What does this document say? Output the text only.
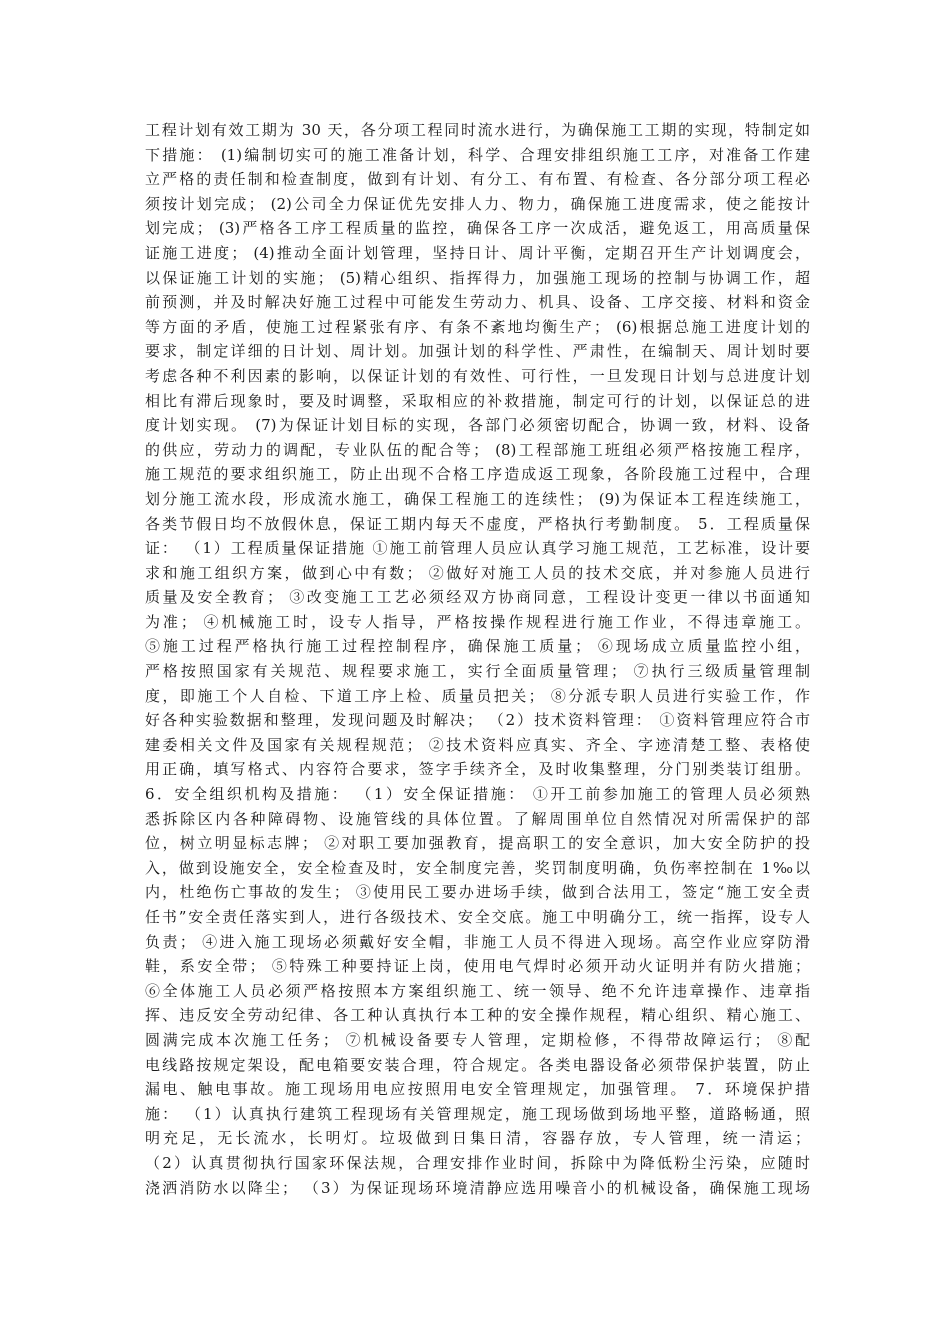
工程计划有效工期为 30 天，各分项工程同时流水进行，为确保施工工期的实现，特制定如
下措施： (1)编制切实可的施工准备计划，科学、合理安排组织施工工序，对准备工作建
立严格的责任制和检查制度，做到有计划、有分工、有布置、有检查、各分部分项工程必
须按计划完成； (2)公司全力保证优先安排人力、物力，确保施工进度需求，使之能按计
划完成； (3)严格各工序工程质量的监控，确保各工序一次成活，避免返工，用高质量保
证施工进度； (4)推动全面计划管理，坚持日计、周计平衡，定期召开生产计划调度会，
以保证施工计划的实施； (5)精心组织、指挥得力，加强施工现场的控制与协调工作，超
前预测，并及时解决好施工过程中可能发生劳动力、机具、设备、工序交接、材料和资金
等方面的矛盾，使施工过程紧张有序、有条不紊地均衡生产； (6)根据总施工进度计划的
要求，制定详细的日计划、周计划。加强计划的科学性、严肃性，在编制天、周计划时要
考虑各种不利因素的影响，以保证计划的有效性、可行性，一旦发现日计划与总进度计划
相比有滞后现象时，要及时调整，采取相应的补救措施，制定可行的计划，以保证总的进
度计划实现。 (7)为保证计划目标的实现，各部门必须密切配合，协调一致，材料、设备
的供应，劳动力的调配，专业队伍的配合等； (8)工程部施工班组必须严格按施工程序，
施工规范的要求组织施工，防止出现不合格工序造成返工现象，各阶段施工过程中，合理
划分施工流水段，形成流水施工，确保工程施工的连续性； (9)为保证本工程连续施工，
各类节假日均不放假休息，保证工期内每天不虚度，严格执行考勤制度。 5．工程质量保
证： （1）工程质量保证措施 ①施工前管理人员应认真学习施工规范，工艺标准，设计要
求和施工组织方案，做到心中有数； ②做好对施工人员的技术交底，并对参施人员进行
质量及安全教育； ③改变施工工艺必须经双方协商同意，工程设计变更一律以书面通知
为准； ④机械施工时，设专人指导，严格按操作规程进行施工作业，不得违章施工。
⑤施工过程严格执行施工过程控制程序，确保施工质量； ⑥现场成立质量监控小组，
严格按照国家有关规范、规程要求施工，实行全面质量管理； ⑦执行三级质量管理制
度，即施工个人自检、下道工序上检、质量员把关； ⑧分派专职人员进行实验工作，作
好各种实验数据和整理，发现问题及时解决； （2）技术资料管理： ①资料管理应符合市
建委相关文件及国家有关规程规范； ②技术资料应真实、齐全、字迹清楚工整、表格使
用正确，填写格式、内容符合要求，签字手续齐全，及时收集整理，分门别类装订组册。
6．安全组织机构及措施： （1）安全保证措施： ①开工前参加施工的管理人员必须熟
悉拆除区内各种障碍物、设施管线的具体位置。了解周围单位自然情况对所需保护的部
位，树立明显标志牌； ②对职工要加强教育，提高职工的安全意识，加大安全防护的投
入，做到设施安全，安全检查及时，安全制度完善，奖罚制度明确，负伤率控制在 1‰以
内，杜绝伤亡事故的发生； ③使用民工要办进场手续，做到合法用工，签定“施工安全责
任书”安全责任落实到人，进行各级技术、安全交底。施工中明确分工，统一指挥，设专人
负责； ④进入施工现场必须戴好安全帽，非施工人员不得进入现场。高空作业应穿防滑
鞋，系安全带； ⑤特殊工种要持证上岗，使用电气焊时必须开动火证明并有防火措施；
⑥全体施工人员必须严格按照本方案组织施工、统一领导、绝不允许违章操作、违章指
挥、违反安全劳动纪律、各工种认真执行本工种的安全操作规程，精心组织、精心施工、
圆满完成本次施工任务； ⑦机械设备要专人管理，定期检修，不得带故障运行； ⑧配
电线路按规定架设，配电箱要安装合理，符合规定。各类电器设备必须带保护装置，防止
漏电、触电事故。施工现场用电应按照用电安全管理规定，加强管理。 7．环境保护措
施： （1）认真执行建筑工程现场有关管理规定，施工现场做到场地平整，道路畅通，照
明充足，无长流水，长明灯。垃圾做到日集日清，容器存放，专人管理，统一清运；
（2）认真贯彻执行国家环保法规，合理安排作业时间，拆除中为降低粉尘污染，应随时
浇洒消防水以降尘； （3）为保证现场环境清静应选用噪音小的机械设备，确保施工现场
